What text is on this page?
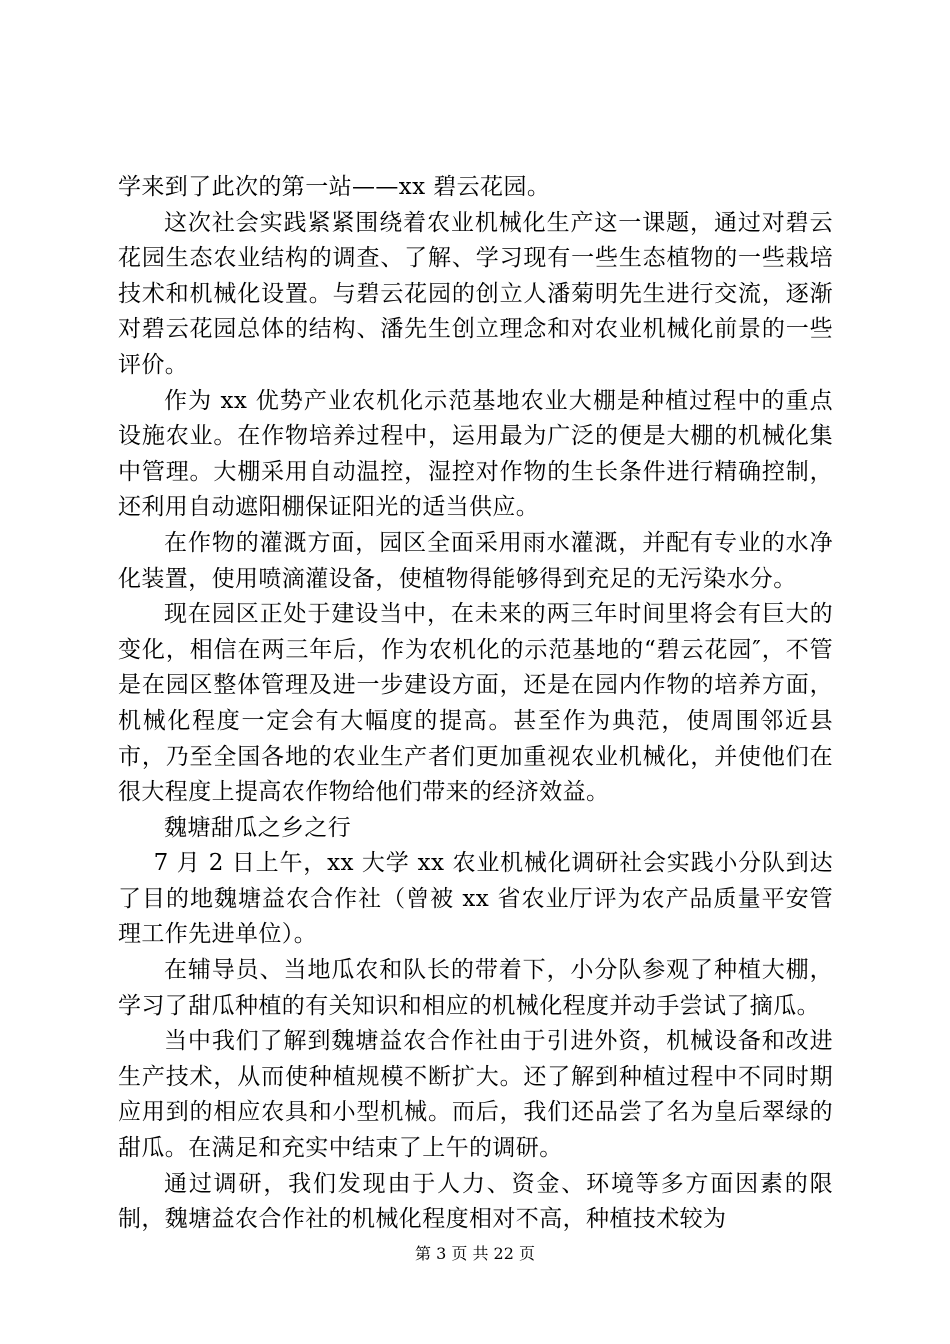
学来到了此次的第一站——xx 碧云花园。

这次社会实践紧紧围绕着农业机械化生产这一课题，通过对碧云花园生态农业结构的调查、了解、学习现有一些生态植物的一些栽培技术和机械化设置。与碧云花园的创立人潘菊明先生进行交流，逐渐对碧云花园总体的结构、潘先生创立理念和对农业机械化前景的一些评价。

作为 xx 优势产业农机化示范基地农业大棚是种植过程中的重点设施农业。在作物培养过程中，运用最为广泛的便是大棚的机械化集中管理。大棚采用自动温控，湿控对作物的生长条件进行精确控制，还利用自动遮阳棚保证阳光的适当供应。

在作物的灌溉方面，园区全面采用雨水灌溉，并配有专业的水净化装置，使用喷滴灌设备，使植物得能够得到充足的无污染水分。

现在园区正处于建设当中，在未来的两三年时间里将会有巨大的变化，相信在两三年后，作为农机化的示范基地的“碧云花园″，不管是在园区整体管理及进一步建设方面，还是在园内作物的培养方面，机械化程度一定会有大幅度的提高。甚至作为典范，使周围邻近县市，乃至全国各地的农业生产者们更加重视农业机械化，并使他们在很大程度上提高农作物给他们带来的经济效益。

魏塘甜瓜之乡之行

7 月 2 日上午，xx 大学 xx 农业机械化调研社会实践小分队到达了目的地魏塘益农合作社（曾被 xx 省农业厅评为农产品质量平安管理工作先进单位）。

在辅导员、当地瓜农和队长的带着下，小分队参观了种植大棚，学习了甜瓜种植的有关知识和相应的机械化程度并动手尝试了摘瓜。

当中我们了解到魏塘益农合作社由于引进外资，机械设备和改进生产技术，从而使种植规模不断扩大。还了解到种植过程中不同时期应用到的相应农具和小型机械。而后，我们还品尝了名为皇后翠绿的甜瓜。在满足和充实中结束了上午的调研。

通过调研，我们发现由于人力、资金、环境等多方面因素的限制，魏塘益农合作社的机械化程度相对不高，种植技术较为

第 3 页 共 22 页
